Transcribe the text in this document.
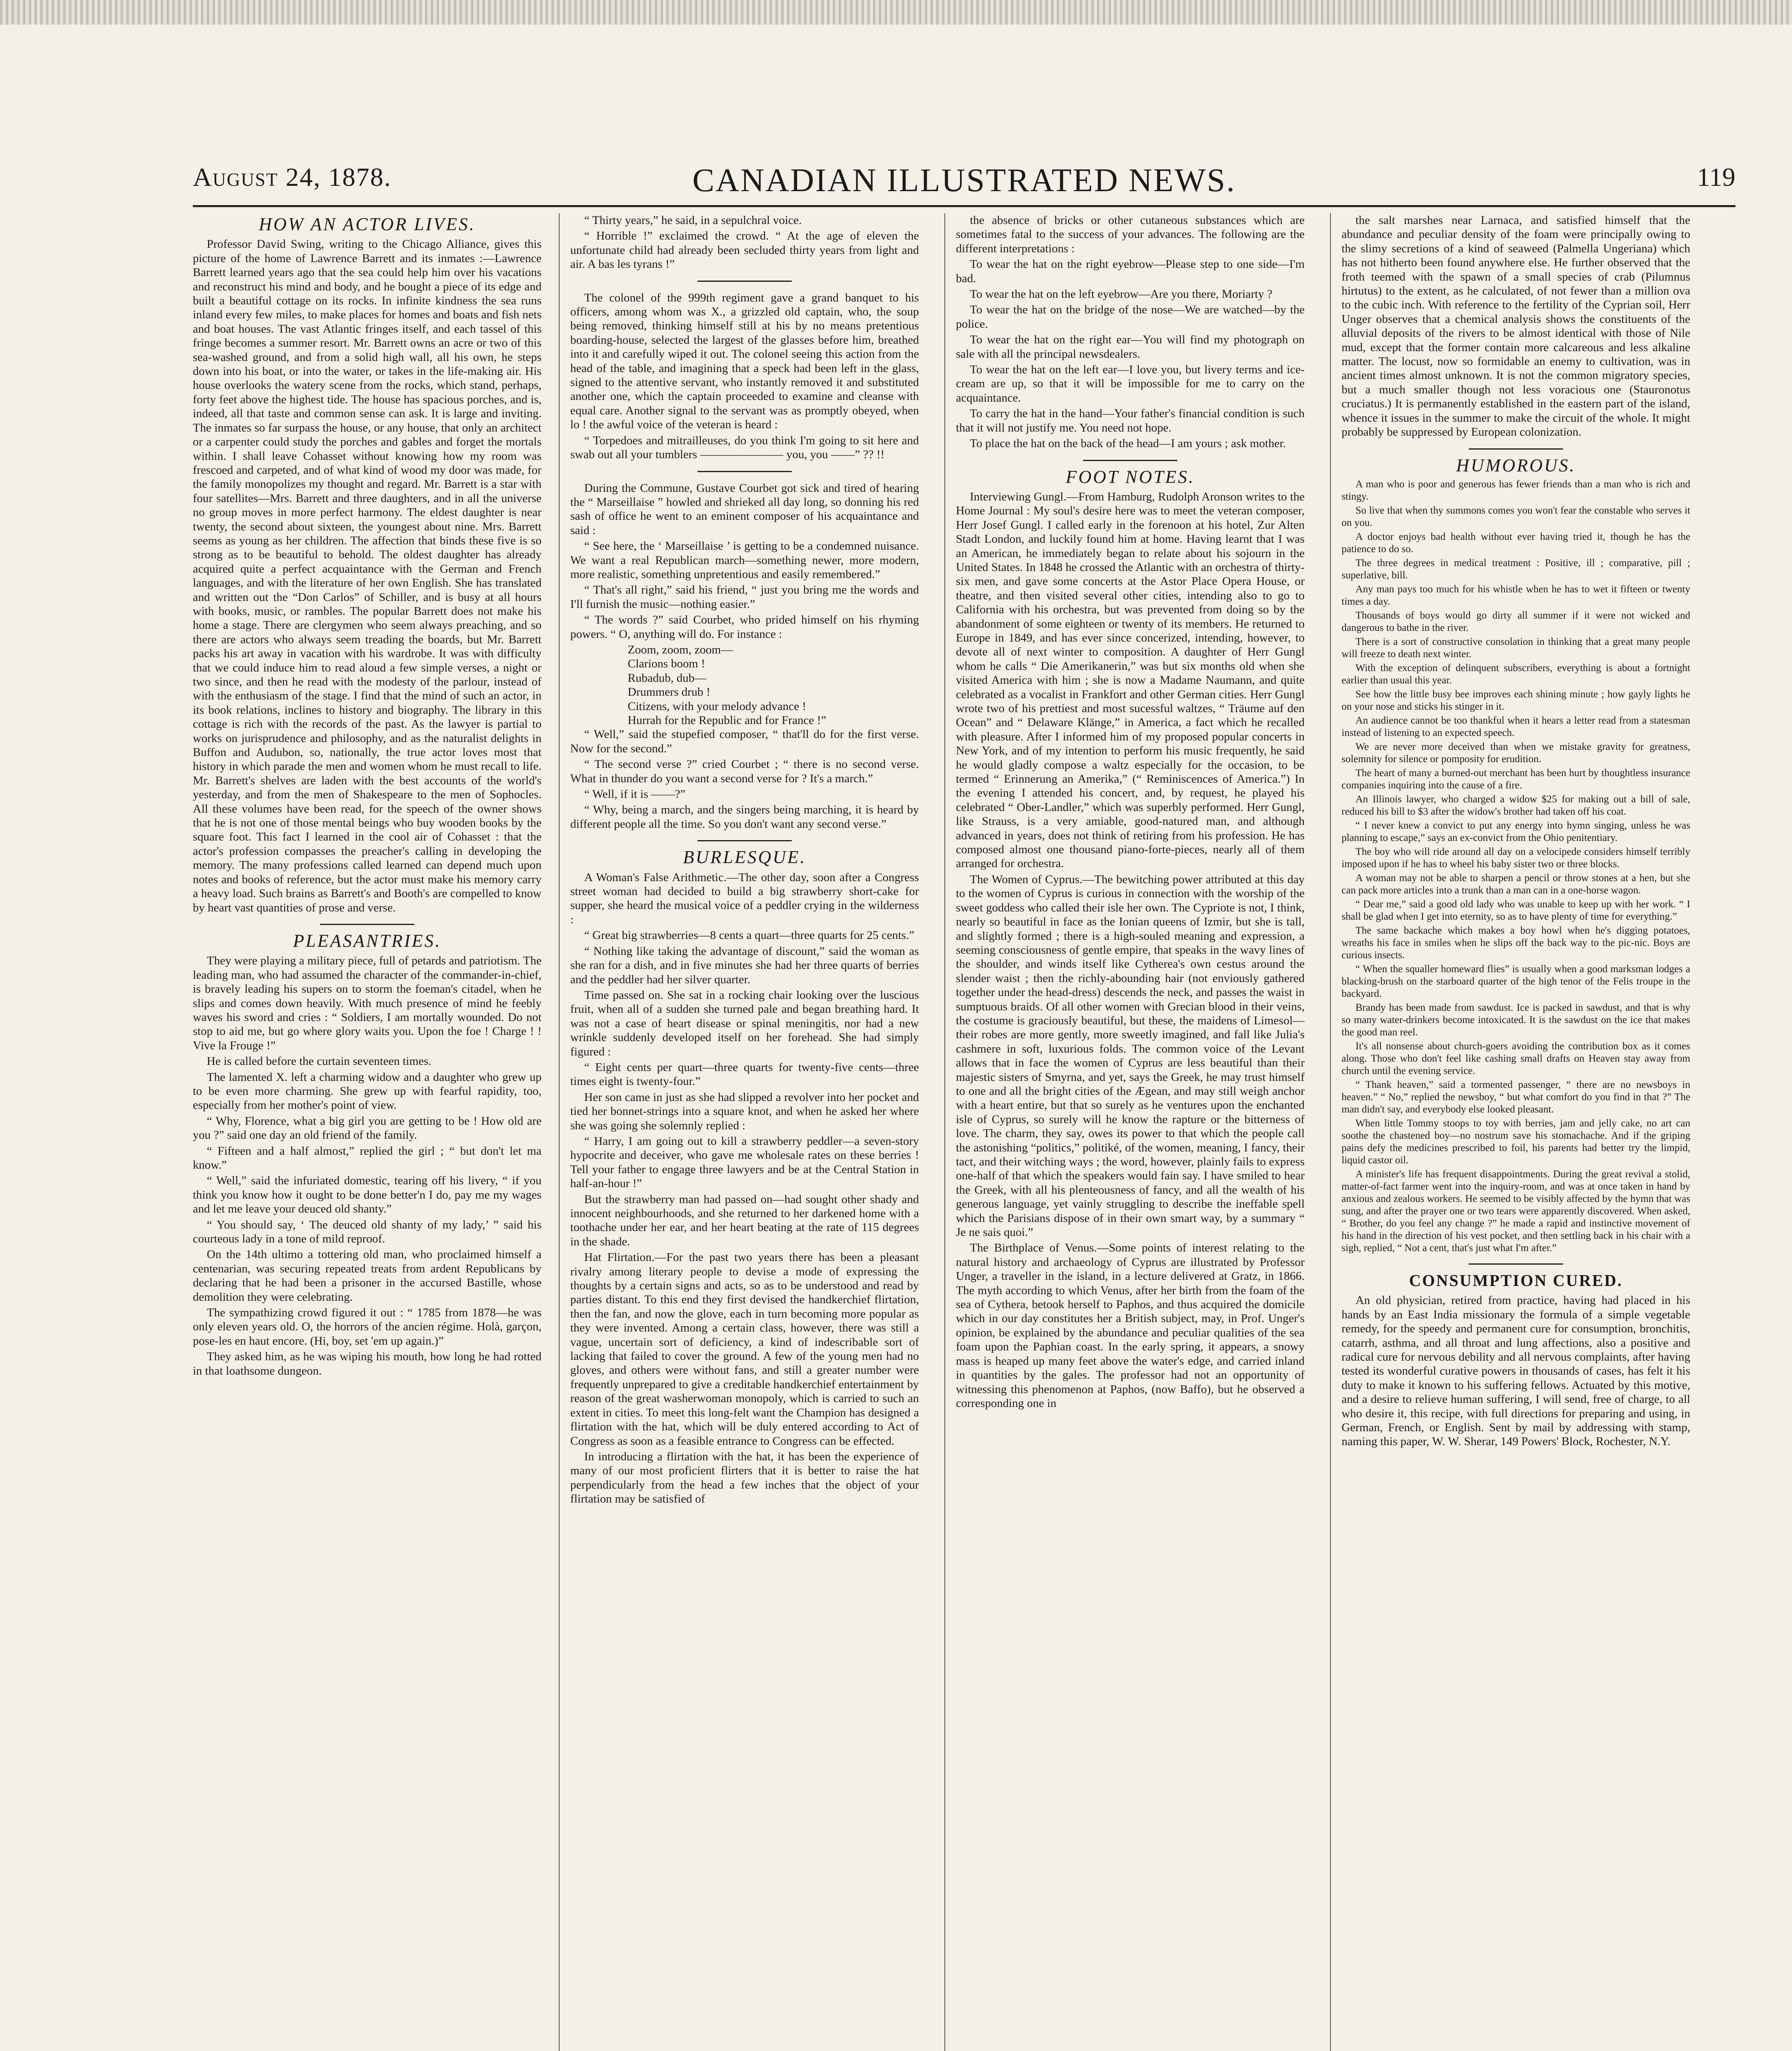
August 24, 1878.	CANADIAN ILLUSTRATED NEWS.	119
HOW AN ACTOR LIVES.

Professor David Swing, writing to the Chicago Alliance, gives this picture of the home of Lawrence Barrett and its inmates :—Lawrence Barrett learned years ago that the sea could help him over his vacations and reconstruct his mind and body, and he bought a piece of its edge and built a beautiful cottage on its rocks. In infinite kindness the sea runs inland every few miles, to make places for homes and boats and fish nets and boat houses. The vast Atlantic fringes itself, and each tassel of this fringe becomes a summer resort. Mr. Barrett owns an acre or two of this sea-washed ground, and from a solid high wall, all his own, he steps down into his boat, or into the water, or takes in the life-making air. His house overlooks the watery scene from the rocks, which stand, perhaps, forty feet above the highest tide. The house has spacious porches, and is, indeed, all that taste and common sense can ask. It is large and inviting. The inmates so far surpass the house, or any house, that only an architect or a carpenter could study the porches and gables and forget the mortals within. I shall leave Cohasset without knowing how my room was frescoed and carpeted, and of what kind of wood my door was made, for the family monopolizes my thought and regard. Mr. Barrett is a star with four satellites—Mrs. Barrett and three daughters, and in all the universe no group moves in more perfect harmony. The eldest daughter is near twenty, the second about sixteen, the youngest about nine. Mrs. Barrett seems as young as her children. The affection that binds these five is so strong as to be beautiful to behold. The oldest daughter has already acquired quite a perfect acquaintance with the German and French languages, and with the literature of her own English. She has translated and written out the “Don Carlos” of Schiller, and is busy at all hours with books, music, or rambles. The popular Barrett does not make his home a stage. There are clergymen who seem always preaching, and so there are actors who always seem treading the boards, but Mr. Barrett packs his art away in vacation with his wardrobe. It was with difficulty that we could induce him to read aloud a few simple verses, a night or two since, and then he read with the modesty of the parlour, instead of with the enthusiasm of the stage. I find that the mind of such an actor, in its book relations, inclines to history and biography. The library in this cottage is rich with the records of the past. As the lawyer is partial to works on jurisprudence and philosophy, and as the naturalist delights in Buffon and Audubon, so, nationally, the true actor loves most that history in which parade the men and women whom he must recall to life. Mr. Barrett's shelves are laden with the best accounts of the world's yesterday, and from the men of Shakespeare to the men of Sophocles. All these volumes have been read, for the speech of the owner shows that he is not one of those mental beings who buy wooden books by the square foot. This fact I learned in the cool air of Cohasset : that the actor's profession compasses the preacher's calling in developing the memory. The many professions called learned can depend much upon notes and books of reference, but the actor must make his memory carry a heavy load. Such brains as Barrett's and Booth's are compelled to know by heart vast quantities of prose and verse.

PLEASANTRIES.

They were playing a military piece, full of petards and patriotism. The leading man, who had assumed the character of the commander-in-chief, is bravely leading his supers on to storm the foeman's citadel, when he slips and comes down heavily. With much presence of mind he feebly waves his sword and cries : “ Soldiers, I am mortally wounded. Do not stop to aid me, but go where glory waits you. Upon the foe ! Charge ! ! Vive la Frouge !”

He is called before the curtain seventeen times.

The lamented X. left a charming widow and a daughter who grew up to be even more charming. She grew up with fearful rapidity, too, especially from her mother's point of view.

“ Why, Florence, what a big girl you are getting to be ! How old are you ?” said one day an old friend of the family.

“ Fifteen and a half almost,” replied the girl ; “ but don't let ma know.”

“ Well,” said the infuriated domestic, tearing off his livery, “ if you think you know how it ought to be done better'n I do, pay me my wages and let me leave your deuced old shanty.”

“ You should say, ‘ The deuced old shanty of my lady,’ ” said his courteous lady in a tone of mild reproof.

On the 14th ultimo a tottering old man, who proclaimed himself a centenarian, was securing repeated treats from ardent Republicans by declaring that he had been a prisoner in the accursed Bastille, whose demolition they were celebrating.

The sympathizing crowd figured it out : “ 1785 from 1878—he was only eleven years old. O, the horrors of the ancien régime. Holà, garçon, pose-les en haut encore. (Hi, boy, set 'em up again.)”

They asked him, as he was wiping his mouth, how long he had rotted in that loathsome dungeon.

“ Thirty years,” he said, in a sepulchral voice.

“ Horrible !” exclaimed the crowd. “ At the age of eleven the unfortunate child had already been secluded thirty years from light and air. A bas les tyrans !”

The colonel of the 999th regiment gave a grand banquet to his officers, among whom was X., a grizzled old captain, who, the soup being removed, thinking himself still at his by no means pretentious boarding-house, selected the largest of the glasses before him, breathed into it and carefully wiped it out. The colonel seeing this action from the head of the table, and imagining that a speck had been left in the glass, signed to the attentive servant, who instantly removed it and substituted another one, which the captain proceeded to examine and cleanse with equal care. Another signal to the servant was as promptly obeyed, when lo ! the awful voice of the veteran is heard :

“ Torpedoes and mitrailleuses, do you think I'm going to sit here and swab out all your tumblers ——————— you, you ——” ?? !!

During the Commune, Gustave Courbet got sick and tired of hearing the “ Marseillaise ” howled and shrieked all day long, so donning his red sash of office he went to an eminent composer of his acquaintance and said :

“ See here, the ‘ Marseillaise ’ is getting to be a condemned nuisance. We want a real Republican march—something newer, more modern, more realistic, something unpretentious and easily remembered.”

“ That's all right,” said his friend, “ just you bring me the words and I'll furnish the music—nothing easier.”

“ The words ?” said Courbet, who prided himself on his rhyming powers. “ O, anything will do. For instance :

Zoom, zoom, zoom—

Clarions boom !

Rubadub, dub—

Drummers drub !

Citizens, with your melody advance !

Hurrah for the Republic and for France !”

“ Well,” said the stupefied composer, “ that'll do for the first verse. Now for the second.”

“ The second verse ?” cried Courbet ; “ there is no second verse. What in thunder do you want a second verse for ? It's a march.”

“ Well, if it is ——?”

“ Why, being a march, and the singers being marching, it is heard by different people all the time. So you don't want any second verse.”

BURLESQUE.

A Woman's False Arithmetic.—The other day, soon after a Congress street woman had decided to build a big strawberry short-cake for supper, she heard the musical voice of a peddler crying in the wilderness :

“ Great big strawberries—8 cents a quart—three quarts for 25 cents.”

“ Nothing like taking the advantage of discount,” said the woman as she ran for a dish, and in five minutes she had her three quarts of berries and the peddler had her silver quarter.

Time passed on. She sat in a rocking chair looking over the luscious fruit, when all of a sudden she turned pale and began breathing hard. It was not a case of heart disease or spinal meningitis, nor had a new wrinkle suddenly developed itself on her forehead. She had simply figured :

“ Eight cents per quart—three quarts for twenty-five cents—three times eight is twenty-four.”

Her son came in just as she had slipped a revolver into her pocket and tied her bonnet-strings into a square knot, and when he asked her where she was going she solemnly replied :

“ Harry, I am going out to kill a strawberry peddler—a seven-story hypocrite and deceiver, who gave me wholesale rates on these berries ! Tell your father to engage three lawyers and be at the Central Station in half-an-hour !”

But the strawberry man had passed on—had sought other shady and innocent neighbourhoods, and she returned to her darkened home with a toothache under her ear, and her heart beating at the rate of 115 degrees in the shade.

Hat Flirtation.—For the past two years there has been a pleasant rivalry among literary people to devise a mode of expressing the thoughts by a certain signs and acts, so as to be understood and read by parties distant. To this end they first devised the handkerchief flirtation, then the fan, and now the glove, each in turn becoming more popular as they were invented. Among a certain class, however, there was still a vague, uncertain sort of deficiency, a kind of indescribable sort of lacking that failed to cover the ground. A few of the young men had no gloves, and others were without fans, and still a greater number were frequently unprepared to give a creditable handkerchief entertainment by reason of the great washerwoman monopoly, which is carried to such an extent in cities. To meet this long-felt want the Champion has designed a flirtation with the hat, which will be duly entered according to Act of Congress as soon as a feasible entrance to Congress can be effected.

In introducing a flirtation with the hat, it has been the experience of many of our most proficient flirters that it is better to raise the hat perpendicularly from the head a few inches that the object of your flirtation may be satisfied of

the absence of bricks or other cutaneous substances which are sometimes fatal to the success of your advances. The following are the different interpretations :

To wear the hat on the right eyebrow—Please step to one side—I'm bad.

To wear the hat on the left eyebrow—Are you there, Moriarty ?

To wear the hat on the bridge of the nose—We are watched—by the police.

To wear the hat on the right ear—You will find my photograph on sale with all the principal newsdealers.

To wear the hat on the left ear—I love you, but livery terms and ice-cream are up, so that it will be impossible for me to carry on the acquaintance.

To carry the hat in the hand—Your father's financial condition is such that it will not justify me. You need not hope.

To place the hat on the back of the head—I am yours ; ask mother.

FOOT NOTES.

Interviewing Gungl.—From Hamburg, Rudolph Aronson writes to the Home Journal : My soul's desire here was to meet the veteran composer, Herr Josef Gungl. I called early in the forenoon at his hotel, Zur Alten Stadt London, and luckily found him at home. Having learnt that I was an American, he immediately began to relate about his sojourn in the United States. In 1848 he crossed the Atlantic with an orchestra of thirty-six men, and gave some concerts at the Astor Place Opera House, or theatre, and then visited several other cities, intending also to go to California with his orchestra, but was prevented from doing so by the abandonment of some eighteen or twenty of its members. He returned to Europe in 1849, and has ever since concerized, intending, however, to devote all of next winter to composition. A daughter of Herr Gungl whom he calls “ Die Amerikanerin,” was but six months old when she visited America with him ; she is now a Madame Naumann, and quite celebrated as a vocalist in Frankfort and other German cities. Herr Gungl wrote two of his prettiest and most sucessful waltzes, “ Träume auf den Ocean” and “ Delaware Klänge,” in America, a fact which he recalled with pleasure. After I informed him of my proposed popular concerts in New York, and of my intention to perform his music frequently, he said he would gladly compose a waltz especially for the occasion, to be termed “ Erinnerung an Amerika,” (“ Reminiscences of America.”) In the evening I attended his concert, and, by request, he played his celebrated “ Ober-Landler,” which was superbly performed. Herr Gungl, like Strauss, is a very amiable, good-natured man, and although advanced in years, does not think of retiring from his profession. He has composed almost one thousand piano-forte-pieces, nearly all of them arranged for orchestra.

The Women of Cyprus.—The bewitching power attributed at this day to the women of Cyprus is curious in connection with the worship of the sweet goddess who called their isle her own. The Cypriote is not, I think, nearly so beautiful in face as the Ionian queens of Izmir, but she is tall, and slightly formed ; there is a high-souled meaning and expression, a seeming consciousness of gentle empire, that speaks in the wavy lines of the shoulder, and winds itself like Cytherea's own cestus around the slender waist ; then the richly-abounding hair (not enviously gathered together under the head-dress) descends the neck, and passes the waist in sumptuous braids. Of all other women with Grecian blood in their veins, the costume is graciously beautiful, but these, the maidens of Limesol—their robes are more gently, more sweetly imagined, and fall like Julia's cashmere in soft, luxurious folds. The common voice of the Levant allows that in face the women of Cyprus are less beautiful than their majestic sisters of Smyrna, and yet, says the Greek, he may trust himself to one and all the bright cities of the Ægean, and may still weigh anchor with a heart entire, but that so surely as he ventures upon the enchanted isle of Cyprus, so surely will he know the rapture or the bitterness of love. The charm, they say, owes its power to that which the people call the astonishing “politics,” politiké, of the women, meaning, I fancy, their tact, and their witching ways ; the word, however, plainly fails to express one-half of that which the speakers would fain say. I have smiled to hear the Greek, with all his plenteousness of fancy, and all the wealth of his generous language, yet vainly struggling to describe the ineffable spell which the Parisians dispose of in their own smart way, by a summary “ Je ne sais quoi.”

The Birthplace of Venus.—Some points of interest relating to the natural history and archaeology of Cyprus are illustrated by Professor Unger, a traveller in the island, in a lecture delivered at Gratz, in 1866. The myth according to which Venus, after her birth from the foam of the sea of Cythera, betook herself to Paphos, and thus acquired the domicile which in our day constitutes her a British subject, may, in Prof. Unger's opinion, be explained by the abundance and peculiar qualities of the sea foam upon the Paphian coast. In the early spring, it appears, a snowy mass is heaped up many feet above the water's edge, and carried inland in quantities by the gales. The professor had not an opportunity of witnessing this phenomenon at Paphos, (now Baffo), but he observed a corresponding one in

the salt marshes near Larnaca, and satisfied himself that the abundance and peculiar density of the foam were principally owing to the slimy secretions of a kind of seaweed (Palmella Ungeriana) which has not hitherto been found anywhere else. He further observed that the froth teemed with the spawn of a small species of crab (Pilumnus hirtutus) to the extent, as he calculated, of not fewer than a million ova to the cubic inch. With reference to the fertility of the Cyprian soil, Herr Unger observes that a chemical analysis shows the constituents of the alluvial deposits of the rivers to be almost identical with those of Nile mud, except that the former contain more calcareous and less alkaline matter. The locust, now so formidable an enemy to cultivation, was in ancient times almost unknown. It is not the common migratory species, but a much smaller though not less voracious one (Stauronotus cruciatus.) It is permanently established in the eastern part of the island, whence it issues in the summer to make the circuit of the whole. It might probably be suppressed by European colonization.

HUMOROUS.

A man who is poor and generous has fewer friends than a man who is rich and stingy.

So live that when thy summons comes you won't fear the constable who serves it on you.

A doctor enjoys bad health without ever having tried it, though he has the patience to do so.

The three degrees in medical treatment : Positive, ill ; comparative, pill ; superlative, bill.

Any man pays too much for his whistle when he has to wet it fifteen or twenty times a day.

Thousands of boys would go dirty all summer if it were not wicked and dangerous to bathe in the river.

There is a sort of constructive consolation in thinking that a great many people will freeze to death next winter.

With the exception of delinquent subscribers, everything is about a fortnight earlier than usual this year.

See how the little busy bee improves each shining minute ; how gayly lights he on your nose and sticks his stinger in it.

An audience cannot be too thankful when it hears a letter read from a statesman instead of listening to an expected speech.

We are never more deceived than when we mistake gravity for greatness, solemnity for silence or pomposity for erudition.

The heart of many a burned-out merchant has been hurt by thoughtless insurance companies inquiring into the cause of a fire.

An Illinois lawyer, who charged a widow $25 for making out a bill of sale, reduced his bill to $3 after the widow's brother had taken off his coat.

“ I never knew a convict to put any energy into hymn singing, unless he was planning to escape,” says an ex-convict from the Ohio penitentiary.

The boy who will ride around all day on a velocipede considers himself terribly imposed upon if he has to wheel his baby sister two or three blocks.

A woman may not be able to sharpen a pencil or throw stones at a hen, but she can pack more articles into a trunk than a man can in a one-horse wagon.

“ Dear me,” said a good old lady who was unable to keep up with her work. “ I shall be glad when I get into eternity, so as to have plenty of time for everything.”

The same backache which makes a boy howl when he's digging potatoes, wreaths his face in smiles when he slips off the back way to the pic-nic. Boys are curious insects.

“ When the squaller homeward flies” is usually when a good marksman lodges a blacking-brush on the starboard quarter of the high tenor of the Felis troupe in the backyard.

Brandy has been made from sawdust. Ice is packed in sawdust, and that is why so many water-drinkers become intoxicated. It is the sawdust on the ice that makes the good man reel.

It's all nonsense about church-goers avoiding the contribution box as it comes along. Those who don't feel like cashing small drafts on Heaven stay away from church until the evening service.

“ Thank heaven,” said a tormented passenger, “ there are no newsboys in heaven.” “ No,” replied the newsboy, “ but what comfort do you find in that ?” The man didn't say, and everybody else looked pleasant.

When little Tommy stoops to toy with berries, jam and jelly cake, no art can soothe the chastened boy—no nostrum save his stomachache. And if the griping pains defy the medicines prescribed to foil, his parents had better try the limpid, liquid castor oil.

A minister's life has frequent disappointments. During the great revival a stolid, matter-of-fact farmer went into the inquiry-room, and was at once taken in hand by anxious and zealous workers. He seemed to be visibly affected by the hymn that was sung, and after the prayer one or two tears were apparently discovered. When asked, “ Brother, do you feel any change ?” he made a rapid and instinctive movement of his hand in the direction of his vest pocket, and then settling back in his chair with a sigh, replied, “ Not a cent, that's just what I'm after.”

CONSUMPTION CURED.

An old physician, retired from practice, having had placed in his hands by an East India missionary the formula of a simple vegetable remedy, for the speedy and permanent cure for consumption, bronchitis, catarrh, asthma, and all throat and lung affections, also a positive and radical cure for nervous debility and all nervous complaints, after having tested its wonderful curative powers in thousands of cases, has felt it his duty to make it known to his suffering fellows. Actuated by this motive, and a desire to relieve human suffering, I will send, free of charge, to all who desire it, this recipe, with full directions for preparing and using, in German, French, or English. Sent by mail by addressing with stamp, naming this paper, W. W. Sherar, 149 Powers' Block, Rochester, N.Y.
